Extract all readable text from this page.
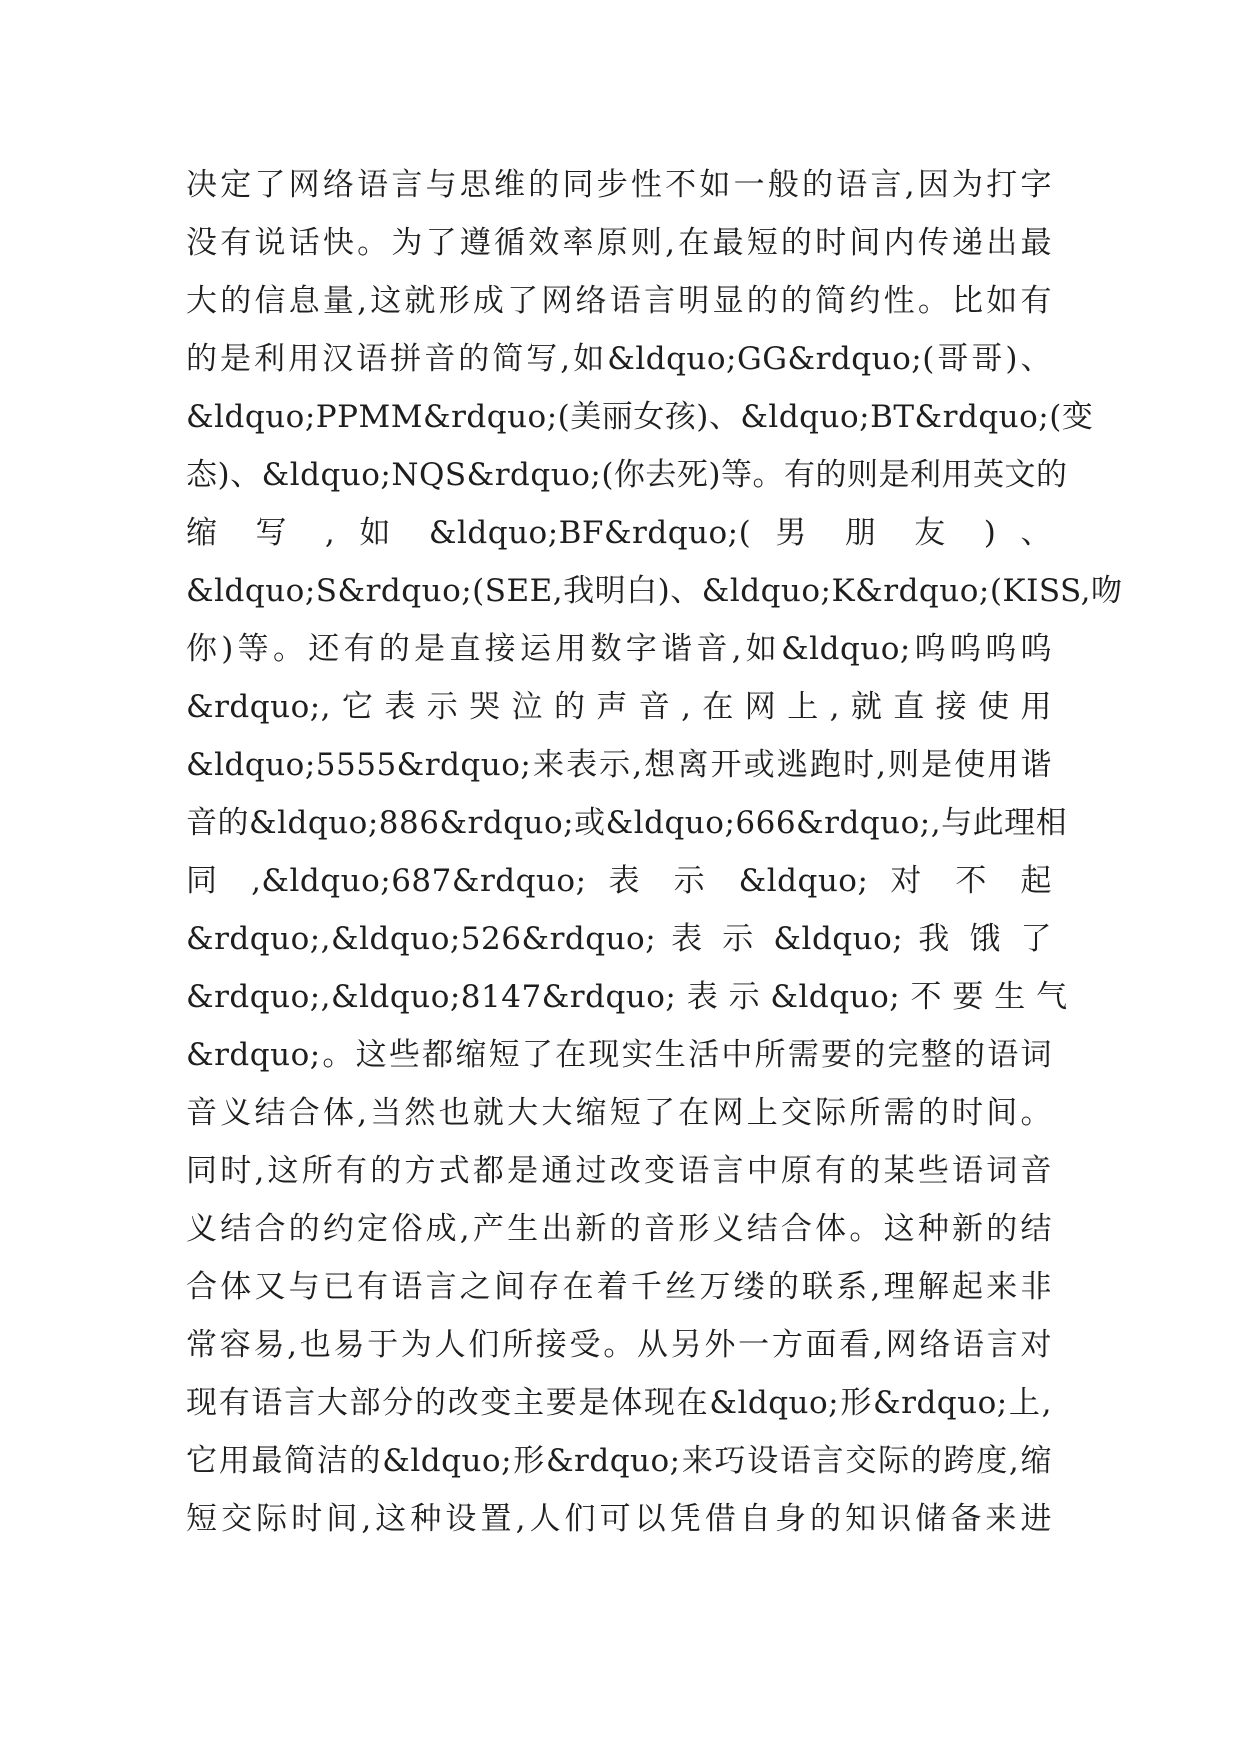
决定了网络语言与思维的同步性不如一般的语言,因为打字
没有说话快。为了遵循效率原则,在最短的时间内传递出最
大的信息量,这就形成了网络语言明显的的简约性。比如有
的是利用汉语拼音的简写,如&ldquo;GG&rdquo;(哥哥)、
&ldquo;PPMM&rdquo;(美丽女孩)、&ldquo;BT&rdquo;(变
态)、&ldquo;NQS&rdquo;(你去死)等。有的则是利用英文的
缩 写 , 如 &ldquo;BF&rdquo;( 男 朋 友 ) 、
&ldquo;S&rdquo;(SEE,我明白)、&ldquo;K&rdquo;(KISS,吻
你)等。还有的是直接运用数字谐音,如&ldquo;呜呜呜呜
&rdquo;,它表示哭泣的声音,在网上,就直接使用
&ldquo;5555&rdquo;来表示,想离开或逃跑时,则是使用谐
音的&ldquo;886&rdquo;或&ldquo;666&rdquo;,与此理相
同 ,&ldquo;687&rdquo; 表 示 &ldquo; 对 不 起
&rdquo;,&ldquo;526&rdquo; 表 示 &ldquo; 我 饿 了
&rdquo;,&ldquo;8147&rdquo; 表 示 &ldquo; 不 要 生 气
&rdquo;。这些都缩短了在现实生活中所需要的完整的语词
音义结合体,当然也就大大缩短了在网上交际所需的时间。
同时,这所有的方式都是通过改变语言中原有的某些语词音
义结合的约定俗成,产生出新的音形义结合体。这种新的结
合体又与已有语言之间存在着千丝万缕的联系,理解起来非
常容易,也易于为人们所接受。从另外一方面看,网络语言对
现有语言大部分的改变主要是体现在&ldquo;形&rdquo;上,
它用最简洁的&ldquo;形&rdquo;来巧设语言交际的跨度,缩
短交际时间,这种设置,人们可以凭借自身的知识储备来进
